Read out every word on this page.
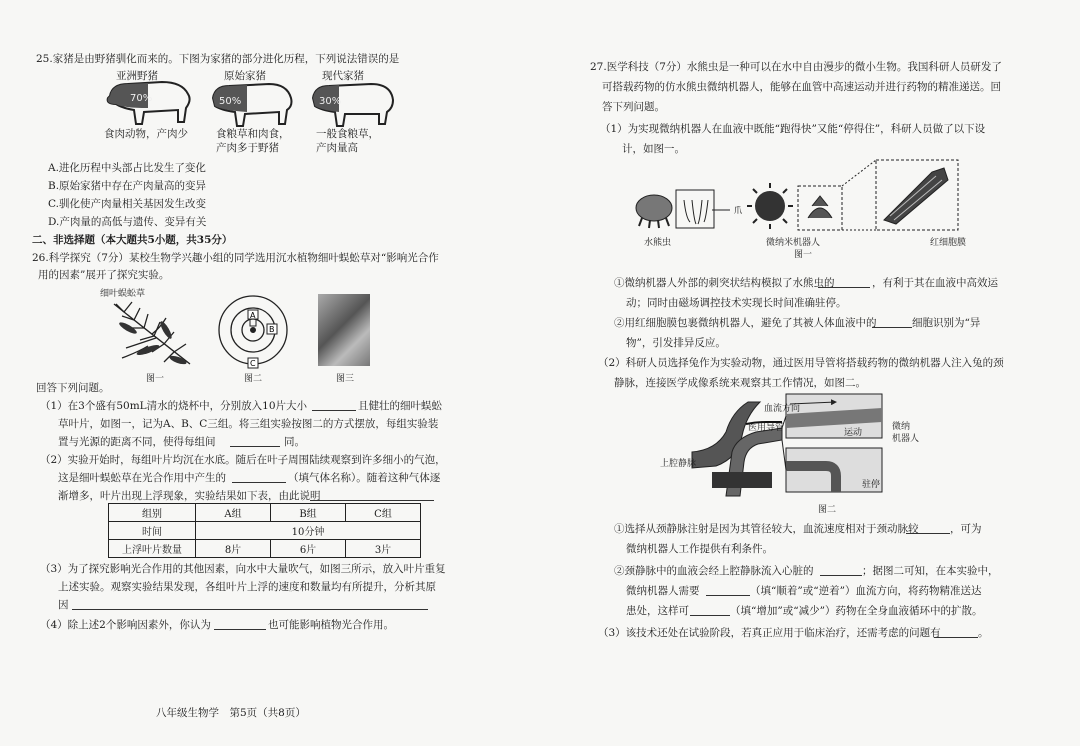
25.家猪是由野猪驯化而来的。下图为家猪的部分进化历程，下列说法错误的是
70%	50%	30%
亚洲野猪	原始家猪	现代家猪
食肉动物，产肉少	食粮草和肉食，
产肉多于野猪
一般食粮草，
产肉量高
A.进化历程中头部占比发生了变化
B.原始家猪中存在产肉量高的变异
C.驯化使产肉量相关基因发生改变
D.产肉量的高低与遗传、变异有关
二、非选择题（本大题共5小题，共35分）
26.科学探究（7分）某校生物学兴趣小组的同学选用沉水植物细叶蜈蚣草对“影响光合作
用的因素”展开了探究实验。
细叶蜈蚣草
A
B
C
图一	图二	图三
回答下列问题。
（1）在3个盛有50mL清水的烧杯中，分别放入10片大小	且健壮的细叶蜈蚣
草叶片，如图一，记为A、B、C三组。将三组实验按图二的方式摆放，每组实验装
置与光源的距离不同，使得每组间	同。
（2）实验开始时，每组叶片均沉在水底。随后在叶子周围陆续观察到许多细小的气泡，
这是细叶蜈蚣草在光合作用中产生的	（填气体名称）。随着这种气体逐
渐增多，叶片出现上浮现象，实验结果如下表，由此说明
组别	A组	B组	C组
时间	10分钟		
上浮叶片数量	8片	6片	3片
（3）为了探究影响光合作用的其他因素，向水中大量吹气，如图三所示，放入叶片重复
上述实验。观察实验结果发现，各组叶片上浮的速度和数量均有所提升，分析其原
因
（4）除上述2个影响因素外，你认为	也可能影响植物光合作用。
八年级生物学　第5页（共8页）
27.医学科技（7分）水熊虫是一种可以在水中自由漫步的微小生物。我国科研人员研发了
可搭载药物的仿水熊虫微纳机器人，能够在血管中高速运动并进行药物的精准递送。回
答下列问题。
（1）为实现微纳机器人在血液中既能“跑得快”又能“停得住”，科研人员做了以下设
计，如图一。
爪
水熊虫	微纳米机器人	红细胞膜
图一
①微纳机器人外部的刺突状结构模拟了水熊虫的	，有利于其在血液中高效运
动；同时由磁场调控技术实现长时间准确驻停。
②用红细胞膜包裹微纳机器人，避免了其被人体血液中的	细胞识别为“异
物”，引发排异反应。
（2）科研人员选择兔作为实验动物，通过医用导管将搭载药物的微纳机器人注入兔的颈
静脉，连接医学成像系统来观察其工作情况，如图二。
血流方向
医用导管	运动
微纳
机器人
上腔静脉
驻停
图二
①选择从颈静脉注射是因为其管径较大，血流速度相对于颈动脉较	，可为
微纳机器人工作提供有利条件。
②颈静脉中的血液会经上腔静脉流入心脏的	；据图二可知，在本实验中，
微纳机器人需要	（填“顺着”或“逆着”）血流方向，将药物精准送达
患处，这样可	（填“增加”或“减少”）药物在全身血液循环中的扩散。
（3）该技术还处在试验阶段，若真正应用于临床治疗，还需考虑的问题有	。
